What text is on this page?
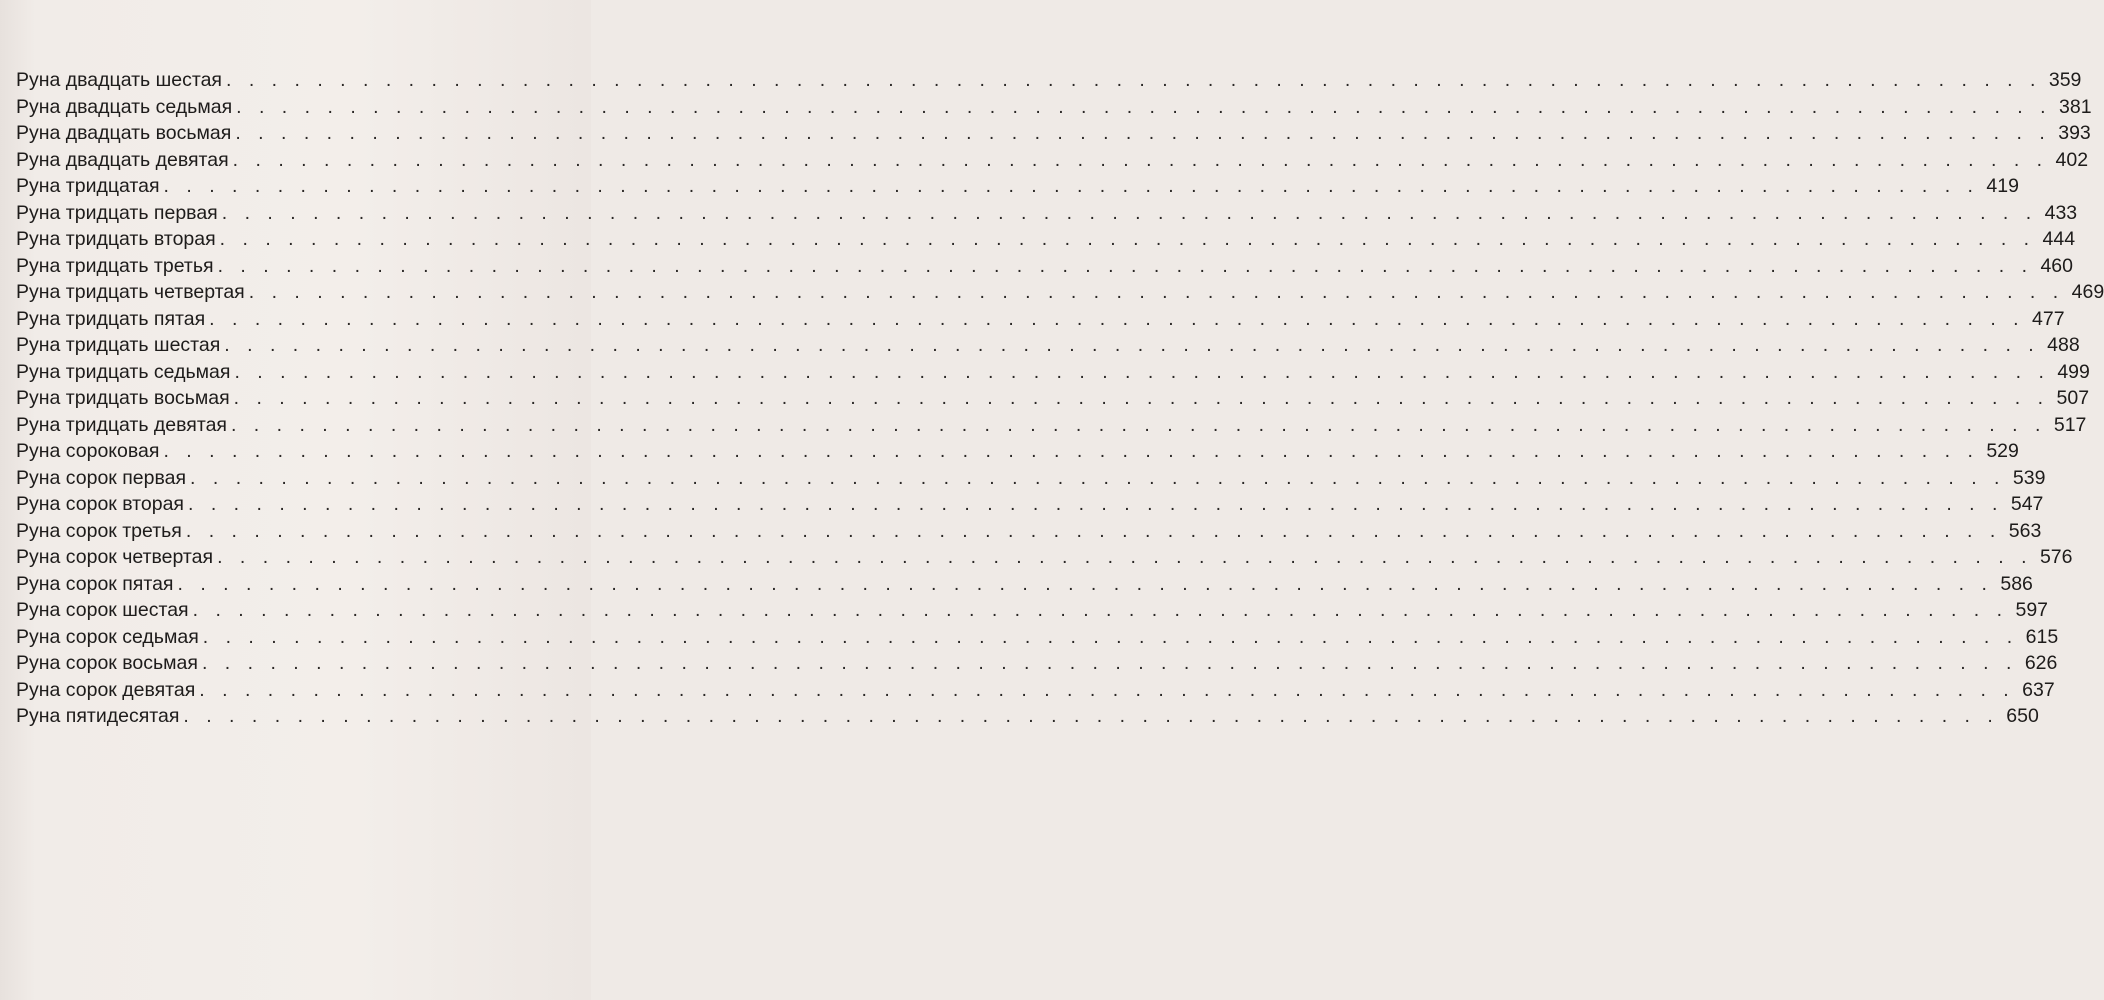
Руна двадцать шестая . . . . . . . . . . . . . . . . . . . . . . . . . . . . . . . . . . . . . . . . . . . . . . . . . . . . . . . . . . . . . . . . . . . . . . . . . . . . . . . . 359
Руна двадцать седьмая . . . . . . . . . . . . . . . . . . . . . . . . . . . . . . . . . . . . . . . . . . . . . . . . . . . . . . . . . . . . . . . . . . . . . . . . . . . . . . . . 381
Руна двадцать восьмая . . . . . . . . . . . . . . . . . . . . . . . . . . . . . . . . . . . . . . . . . . . . . . . . . . . . . . . . . . . . . . . . . . . . . . . . . . . . . . . . 393
Руна двадцать девятая . . . . . . . . . . . . . . . . . . . . . . . . . . . . . . . . . . . . . . . . . . . . . . . . . . . . . . . . . . . . . . . . . . . . . . . . . . . . . . . . 402
Руна тридцатая . . . . . . . . . . . . . . . . . . . . . . . . . . . . . . . . . . . . . . . . . . . . . . . . . . . . . . . . . . . . . . . . . . . . . . . . . . . . . . . . 419
Руна тридцать первая . . . . . . . . . . . . . . . . . . . . . . . . . . . . . . . . . . . . . . . . . . . . . . . . . . . . . . . . . . . . . . . . . . . . . . . . . . . . . . . . 433
Руна тридцать вторая . . . . . . . . . . . . . . . . . . . . . . . . . . . . . . . . . . . . . . . . . . . . . . . . . . . . . . . . . . . . . . . . . . . . . . . . . . . . . . . . 444
Руна тридцать третья . . . . . . . . . . . . . . . . . . . . . . . . . . . . . . . . . . . . . . . . . . . . . . . . . . . . . . . . . . . . . . . . . . . . . . . . . . . . . . . . 460
Руна тридцать четвертая . . . . . . . . . . . . . . . . . . . . . . . . . . . . . . . . . . . . . . . . . . . . . . . . . . . . . . . . . . . . . . . . . . . . . . . . . . . . . . . . 469
Руна тридцать пятая . . . . . . . . . . . . . . . . . . . . . . . . . . . . . . . . . . . . . . . . . . . . . . . . . . . . . . . . . . . . . . . . . . . . . . . . . . . . . . . . 477
Руна тридцать шестая . . . . . . . . . . . . . . . . . . . . . . . . . . . . . . . . . . . . . . . . . . . . . . . . . . . . . . . . . . . . . . . . . . . . . . . . . . . . . . . . 488
Руна тридцать седьмая . . . . . . . . . . . . . . . . . . . . . . . . . . . . . . . . . . . . . . . . . . . . . . . . . . . . . . . . . . . . . . . . . . . . . . . . . . . . . . . . 499
Руна тридцать восьмая . . . . . . . . . . . . . . . . . . . . . . . . . . . . . . . . . . . . . . . . . . . . . . . . . . . . . . . . . . . . . . . . . . . . . . . . . . . . . . . . 507
Руна тридцать девятая . . . . . . . . . . . . . . . . . . . . . . . . . . . . . . . . . . . . . . . . . . . . . . . . . . . . . . . . . . . . . . . . . . . . . . . . . . . . . . . . 517
Руна сороковая . . . . . . . . . . . . . . . . . . . . . . . . . . . . . . . . . . . . . . . . . . . . . . . . . . . . . . . . . . . . . . . . . . . . . . . . . . . . . . . . 529
Руна сорок первая . . . . . . . . . . . . . . . . . . . . . . . . . . . . . . . . . . . . . . . . . . . . . . . . . . . . . . . . . . . . . . . . . . . . . . . . . . . . . . . . 539
Руна сорок вторая . . . . . . . . . . . . . . . . . . . . . . . . . . . . . . . . . . . . . . . . . . . . . . . . . . . . . . . . . . . . . . . . . . . . . . . . . . . . . . . . 547
Руна сорок третья . . . . . . . . . . . . . . . . . . . . . . . . . . . . . . . . . . . . . . . . . . . . . . . . . . . . . . . . . . . . . . . . . . . . . . . . . . . . . . . . 563
Руна сорок четвертая . . . . . . . . . . . . . . . . . . . . . . . . . . . . . . . . . . . . . . . . . . . . . . . . . . . . . . . . . . . . . . . . . . . . . . . . . . . . . . . . 576
Руна сорок пятая . . . . . . . . . . . . . . . . . . . . . . . . . . . . . . . . . . . . . . . . . . . . . . . . . . . . . . . . . . . . . . . . . . . . . . . . . . . . . . . . 586
Руна сорок шестая . . . . . . . . . . . . . . . . . . . . . . . . . . . . . . . . . . . . . . . . . . . . . . . . . . . . . . . . . . . . . . . . . . . . . . . . . . . . . . . . 597
Руна сорок седьмая . . . . . . . . . . . . . . . . . . . . . . . . . . . . . . . . . . . . . . . . . . . . . . . . . . . . . . . . . . . . . . . . . . . . . . . . . . . . . . . . 615
Руна сорок восьмая . . . . . . . . . . . . . . . . . . . . . . . . . . . . . . . . . . . . . . . . . . . . . . . . . . . . . . . . . . . . . . . . . . . . . . . . . . . . . . . . 626
Руна сорок девятая . . . . . . . . . . . . . . . . . . . . . . . . . . . . . . . . . . . . . . . . . . . . . . . . . . . . . . . . . . . . . . . . . . . . . . . . . . . . . . . . 637
Руна пятидесятая . . . . . . . . . . . . . . . . . . . . . . . . . . . . . . . . . . . . . . . . . . . . . . . . . . . . . . . . . . . . . . . . . . . . . . . . . . . . . . . . 650
